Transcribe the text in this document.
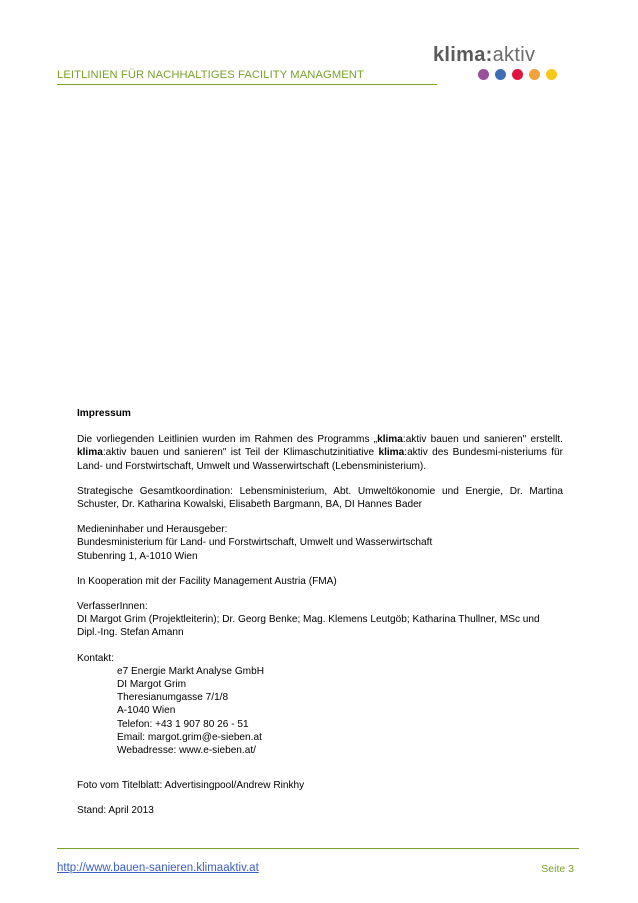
LEITLINIEN FÜR NACHHALTIGES FACILITY MANAGMENT
klima:aktiv

Impressum

Die vorliegenden Leitlinien wurden im Rahmen des Programms „klima:aktiv bauen und sanieren" erstellt. klima:aktiv bauen und sanieren" ist Teil der Klimaschutzinitiative klima:aktiv des Bundesmi-nisteriums für Land- und Forstwirtschaft, Umwelt und Wasserwirtschaft (Lebensministerium).

Strategische Gesamtkoordination: Lebensministerium, Abt. Umweltökonomie und Energie, Dr. Martina Schuster, Dr. Katharina Kowalski, Elisabeth Bargmann, BA, DI Hannes Bader

Medieninhaber und Herausgeber:

Bundesministerium für Land- und Forstwirtschaft, Umwelt und Wasserwirtschaft

Stubenring 1, A-1010 Wien

In Kooperation mit der Facility Management Austria (FMA)

VerfasserInnen:

DI Margot Grim (Projektleiterin); Dr. Georg Benke; Mag. Klemens Leutgöb; Katharina Thullner, MSc und Dipl.-Ing. Stefan Amann

Kontakt:

e7 Energie Markt Analyse GmbH

DI Margot Grim

Theresianumgasse 7/1/8

A-1040 Wien

Telefon: +43 1 907 80 26 - 51

Email: margot.grim@e-sieben.at

Webadresse: www.e-sieben.at/

Foto vom Titelblatt: Advertisingpool/Andrew Rinkhy

Stand: April 2013

http://www.bauen-sanieren.klimaaktiv.at	Seite 3
